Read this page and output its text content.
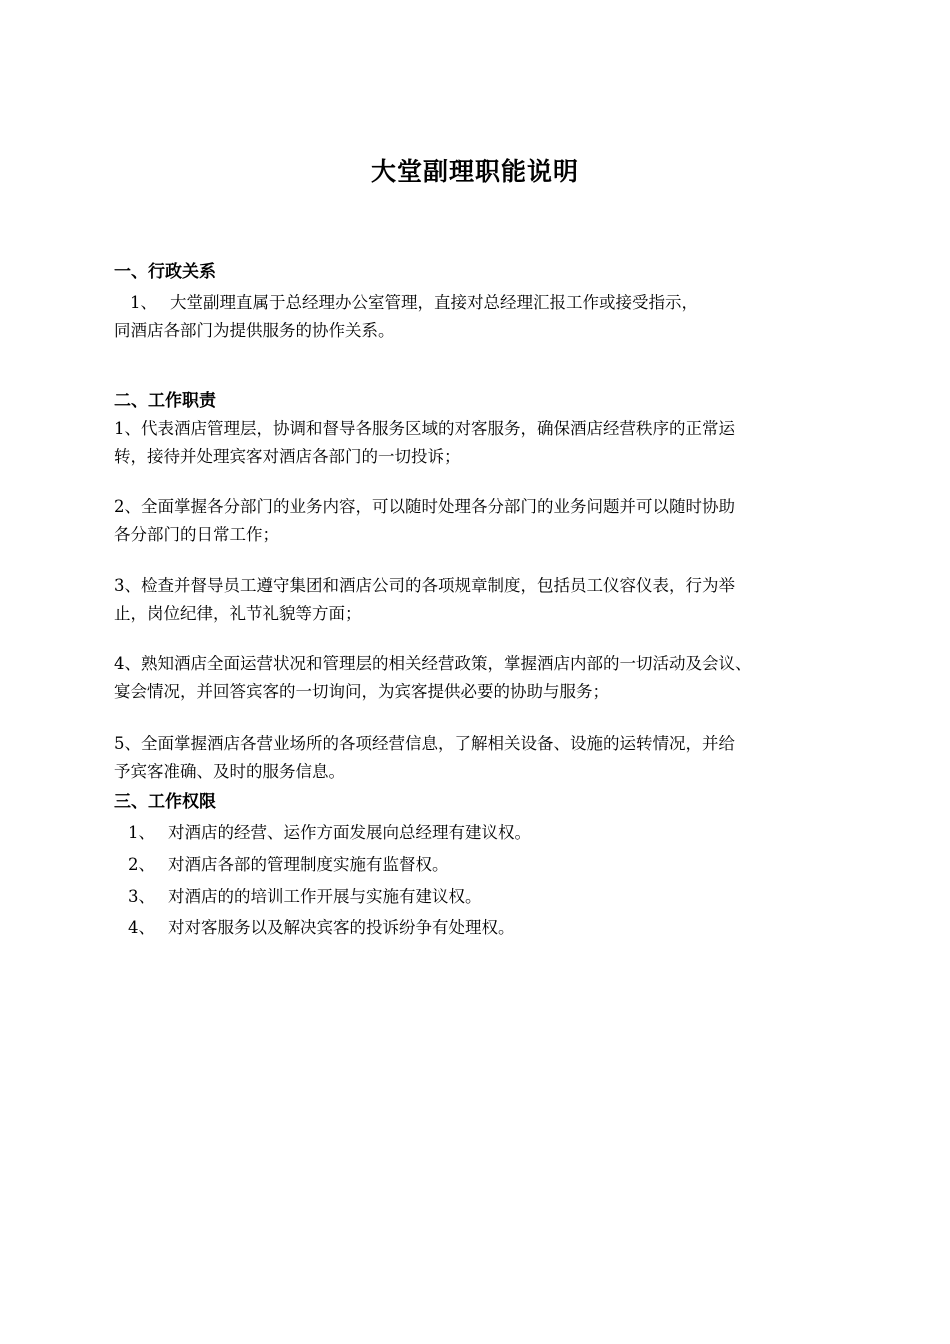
大堂副理职能说明
一、行政关系
1、 大堂副理直属于总经理办公室管理，直接对总经理汇报工作或接受指示，
同酒店各部门为提供服务的协作关系。
二、工作职责
1、代表酒店管理层，协调和督导各服务区域的对客服务，确保酒店经营秩序的正常运
转，接待并处理宾客对酒店各部门的一切投诉；
2、全面掌握各分部门的业务内容，可以随时处理各分部门的业务问题并可以随时协助
各分部门的日常工作；
3、检查并督导员工遵守集团和酒店公司的各项规章制度，包括员工仪容仪表，行为举
止，岗位纪律，礼节礼貌等方面；
4、熟知酒店全面运营状况和管理层的相关经营政策，掌握酒店内部的一切活动及会议、
宴会情况，并回答宾客的一切询问，为宾客提供必要的协助与服务；
5、全面掌握酒店各营业场所的各项经营信息，了解相关设备、设施的运转情况，并给
予宾客准确、及时的服务信息。
三、工作权限
1、 对酒店的经营、运作方面发展向总经理有建议权。
2、 对酒店各部的管理制度实施有监督权。
3、 对酒店的的培训工作开展与实施有建议权。
4、 对对客服务以及解决宾客的投诉纷争有处理权。
